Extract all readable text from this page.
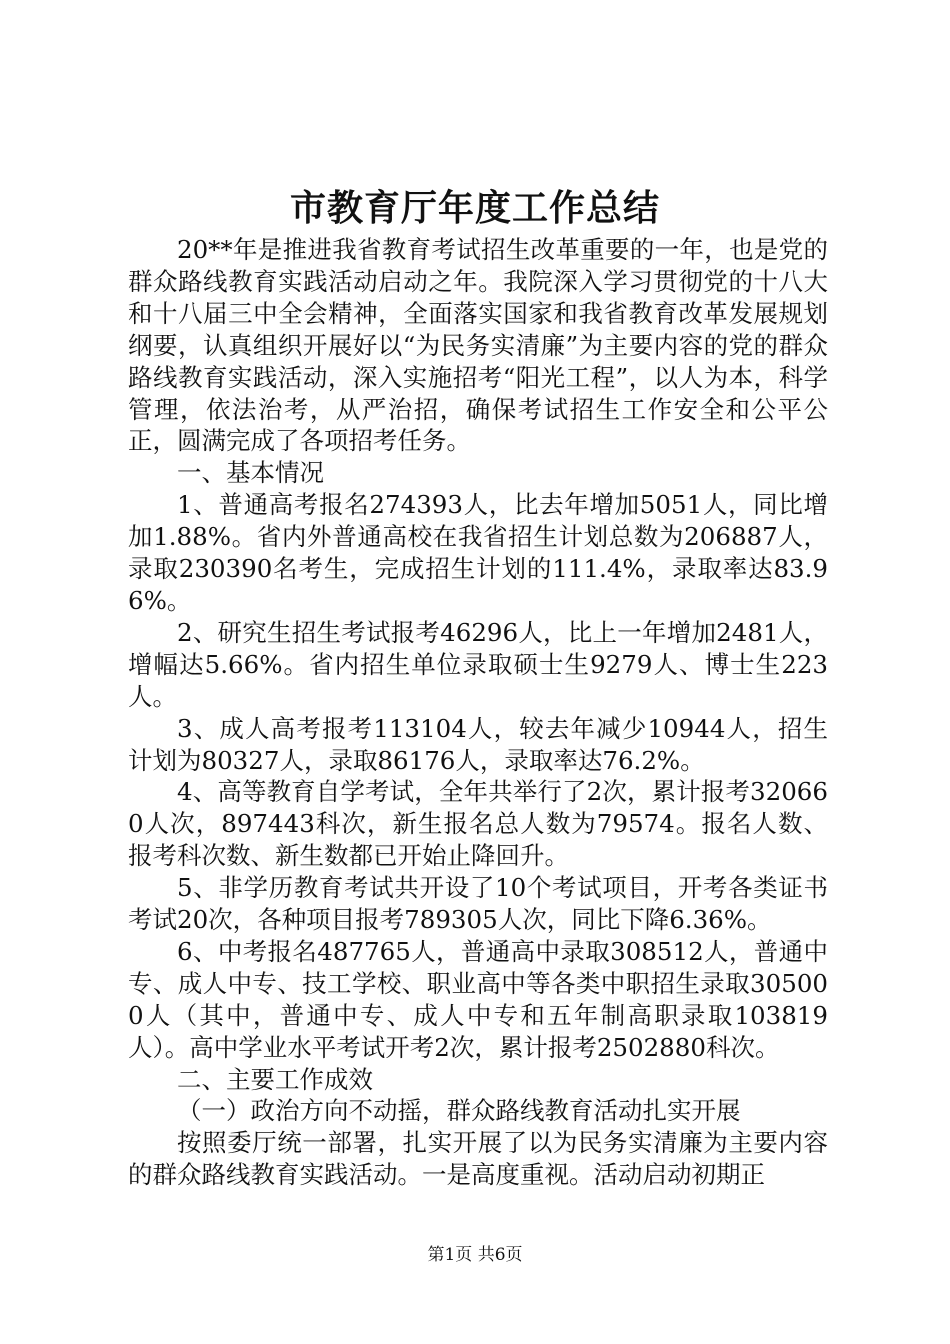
市教育厅年度工作总结

20**年是推进我省教育考试招生改革重要的一年，也是党的群众路线教育实践活动启动之年。我院深入学习贯彻党的十八大和十八届三中全会精神，全面落实国家和我省教育改革发展规划纲要，认真组织开展好以“为民务实清廉”为主要内容的党的群众路线教育实践活动，深入实施招考“阳光工程”，以人为本，科学管理，依法治考，从严治招，确保考试招生工作安全和公平公正，圆满完成了各项招考任务。

一、基本情况

1、普通高考报名274393人，比去年增加5051人，同比增加1.88%。省内外普通高校在我省招生计划总数为206887人，录取230390名考生，完成招生计划的111.4%，录取率达83.96%。

2、研究生招生考试报考46296人，比上一年增加2481人，增幅达5.66%。省内招生单位录取硕士生9279人、博士生223人。

3、成人高考报考113104人，较去年减少10944人，招生计划为80327人，录取86176人，录取率达76.2%。

4、高等教育自学考试，全年共举行了2次，累计报考320660人次，897443科次，新生报名总人数为79574。报名人数、报考科次数、新生数都已开始止降回升。

5、非学历教育考试共开设了10个考试项目，开考各类证书考试20次，各种项目报考789305人次，同比下降6.36%。

6、中考报名487765人，普通高中录取308512人，普通中专、成人中专、技工学校、职业高中等各类中职招生录取305000人（其中，普通中专、成人中专和五年制高职录取103819人）。高中学业水平考试开考2次，累计报考2502880科次。

二、主要工作成效

（一）政治方向不动摇，群众路线教育活动扎实开展

按照委厅统一部署，扎实开展了以为民务实清廉为主要内容的群众路线教育实践活动。一是高度重视。活动启动初期正

第1页 共6页
